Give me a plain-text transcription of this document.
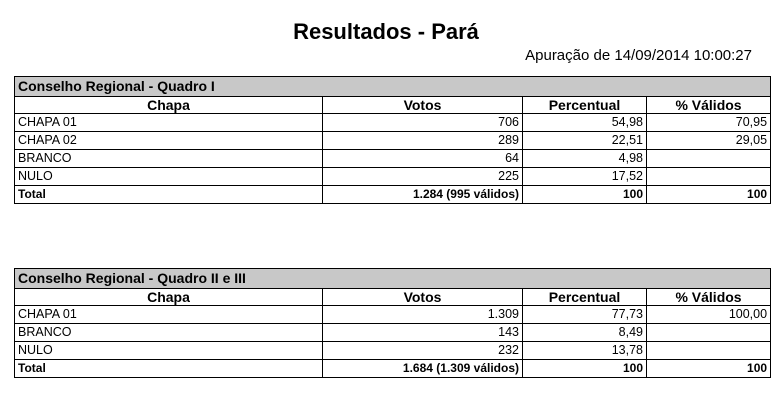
Resultados - Pará
Apuração de 14/09/2014 10:00:27
Conselho Regional - Quadro I			
Chapa	Votos	Percentual	% Válidos
CHAPA 01	706	54,98	70,95
CHAPA 02	289	22,51	29,05
BRANCO	64	4,98	
NULO	225	17,52	
Total	1.284 (995 válidos)	100	100
Conselho Regional - Quadro II e III			
Chapa	Votos	Percentual	% Válidos
CHAPA 01	1.309	77,73	100,00
BRANCO	143	8,49	
NULO	232	13,78	
Total	1.684 (1.309 válidos)	100	100
